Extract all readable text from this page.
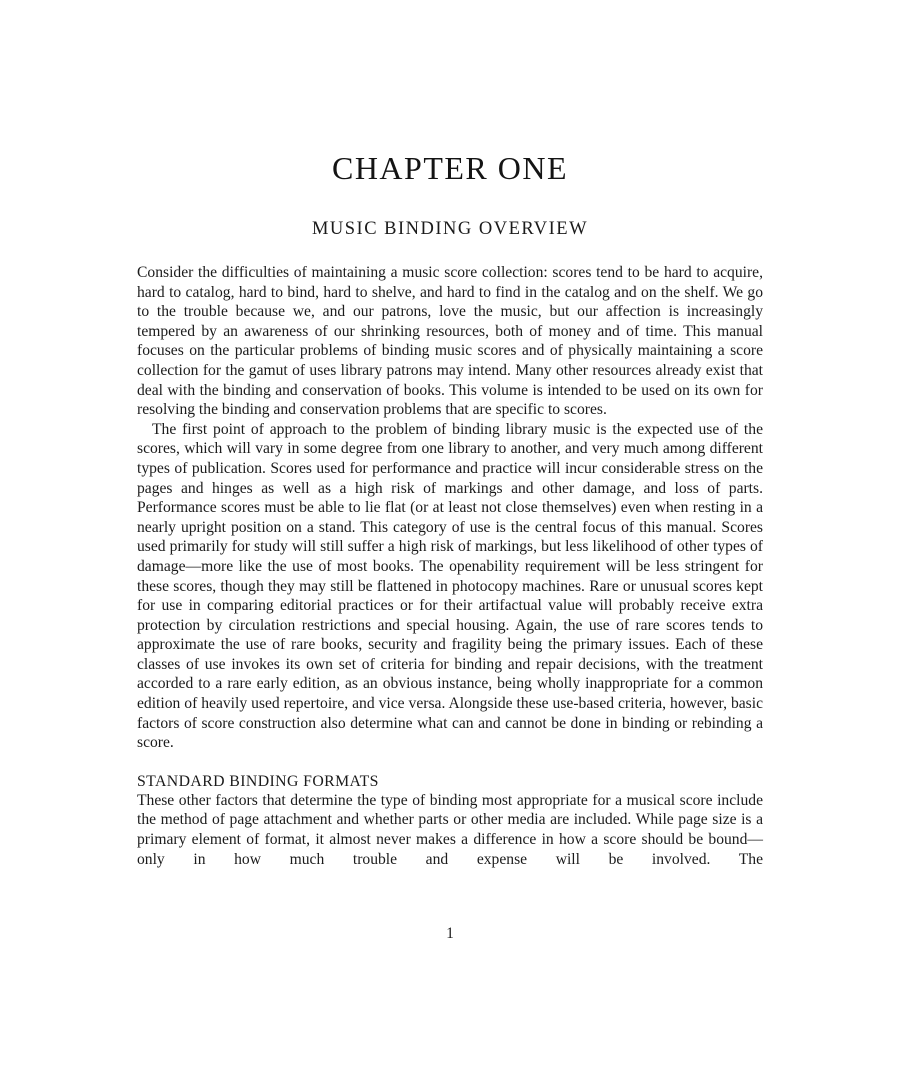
CHAPTER ONE
MUSIC BINDING OVERVIEW

Consider the difficulties of maintaining a music score collection: scores tend to be hard to acquire, hard to catalog, hard to bind, hard to shelve, and hard to find in the catalog and on the shelf. We go to the trouble because we, and our patrons, love the music, but our affection is increasingly tempered by an awareness of our shrinking resources, both of money and of time. This manual focuses on the particular problems of binding music scores and of physically maintaining a score collection for the gamut of uses library patrons may intend. Many other resources already exist that deal with the binding and conservation of books. This volume is intended to be used on its own for resolving the binding and conservation problems that are specific to scores.

The first point of approach to the problem of binding library music is the expected use of the scores, which will vary in some degree from one library to another, and very much among different types of publication. Scores used for performance and practice will incur considerable stress on the pages and hinges as well as a high risk of markings and other damage, and loss of parts. Performance scores must be able to lie flat (or at least not close themselves) even when resting in a nearly upright position on a stand. This category of use is the central focus of this manual. Scores used primarily for study will still suffer a high risk of markings, but less likelihood of other types of damage—more like the use of most books. The openability requirement will be less stringent for these scores, though they may still be flattened in photocopy machines. Rare or unusual scores kept for use in comparing editorial practices or for their artifactual value will probably receive extra protection by circulation restrictions and special housing. Again, the use of rare scores tends to approximate the use of rare books, security and fragility being the primary issues. Each of these classes of use invokes its own set of criteria for binding and repair decisions, with the treatment accorded to a rare early edition, as an obvious instance, being wholly inappropriate for a common edition of heavily used repertoire, and vice versa. Alongside these use-based criteria, however, basic factors of score construction also determine what can and cannot be done in binding or rebinding a score.

STANDARD BINDING FORMATS

These other factors that determine the type of binding most appropriate for a musical score include the method of page attachment and whether parts or other media are included. While page size is a primary element of format, it almost never makes a difference in how a score should be bound—only in how much trouble and expense will be involved. The

1
